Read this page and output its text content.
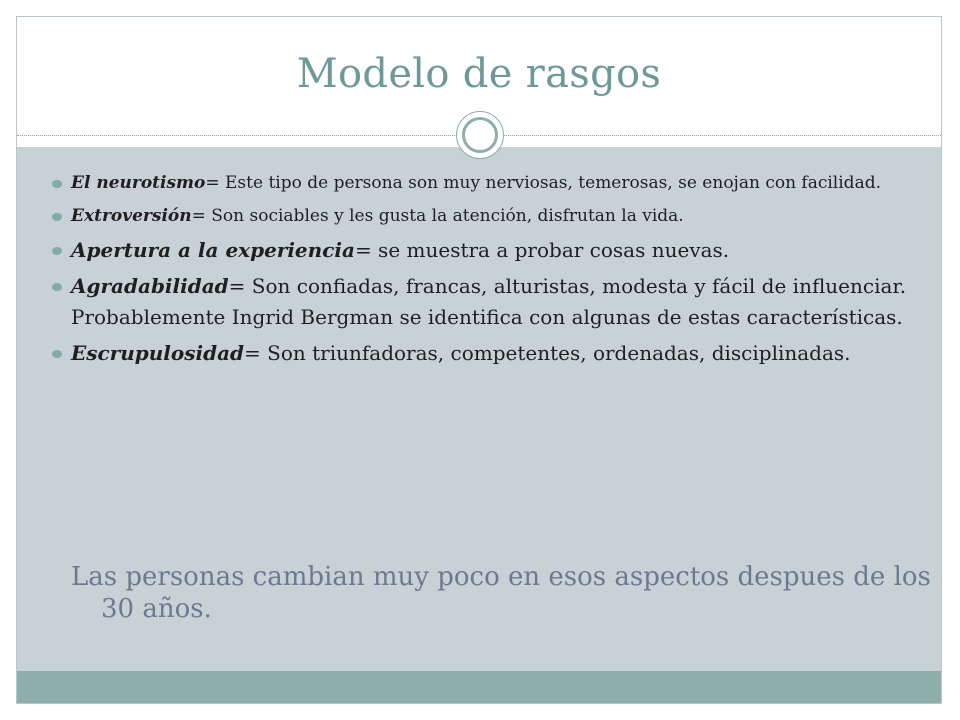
Modelo de rasgos
El neurotismo= Este tipo de persona son muy nerviosas, temerosas, se enojan con facilidad.
Extroversión= Son sociables y les gusta la atención, disfrutan la vida.
Apertura a la experiencia= se muestra a probar cosas nuevas.
Agradabilidad= Son confiadas, francas, alturistas, modesta y fácil de influenciar. Probablemente Ingrid Bergman se identifica con algunas de estas características.
Escrupulosidad= Son triunfadoras, competentes, ordenadas, disciplinadas.

Las personas cambian muy poco en esos aspectos despues de los 30 años.
